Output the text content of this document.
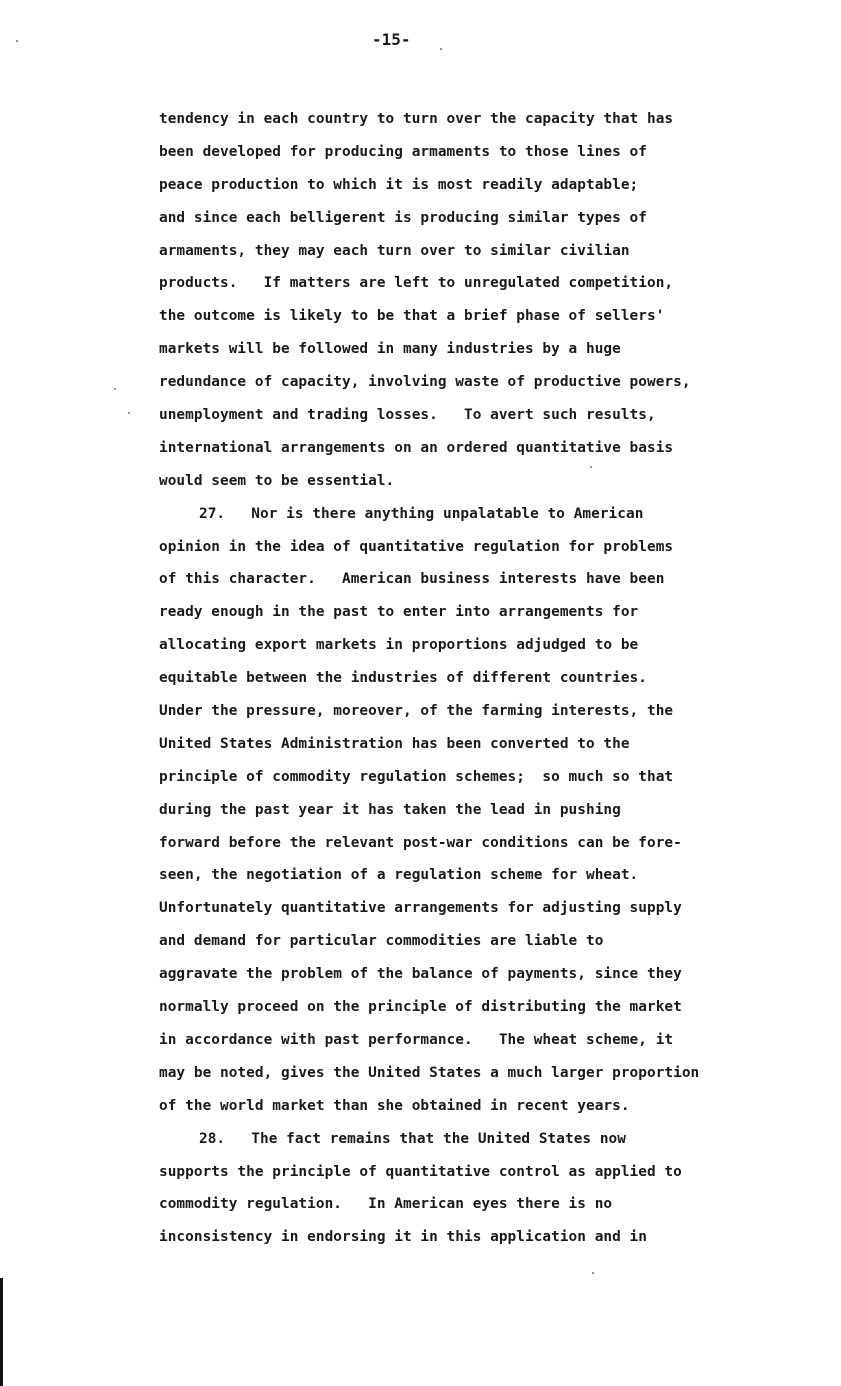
-15-
tendency in each country to turn over the capacity that has
been developed for producing armaments to those lines of
peace production to which it is most readily adaptable;
and since each belligerent is producing similar types of
armaments, they may each turn over to similar civilian
products.   If matters are left to unregulated competition,
the outcome is likely to be that a brief phase of sellers'
markets will be followed in many industries by a huge
redundance of capacity, involving waste of productive powers,
unemployment and trading losses.   To avert such results,
international arrangements on an ordered quantitative basis
would seem to be essential.
27.   Nor is there anything unpalatable to American
opinion in the idea of quantitative regulation for problems
of this character.   American business interests have been
ready enough in the past to enter into arrangements for
allocating export markets in proportions adjudged to be
equitable between the industries of different countries.
Under the pressure, moreover, of the farming interests, the
United States Administration has been converted to the
principle of commodity regulation schemes;  so much so that
during the past year it has taken the lead in pushing
forward before the relevant post-war conditions can be fore-
seen, the negotiation of a regulation scheme for wheat.
Unfortunately quantitative arrangements for adjusting supply
and demand for particular commodities are liable to
aggravate the problem of the balance of payments, since they
normally proceed on the principle of distributing the market
in accordance with past performance.   The wheat scheme, it
may be noted, gives the United States a much larger proportion
of the world market than she obtained in recent years.
28.   The fact remains that the United States now
supports the principle of quantitative control as applied to
commodity regulation.   In American eyes there is no
inconsistency in endorsing it in this application and in
